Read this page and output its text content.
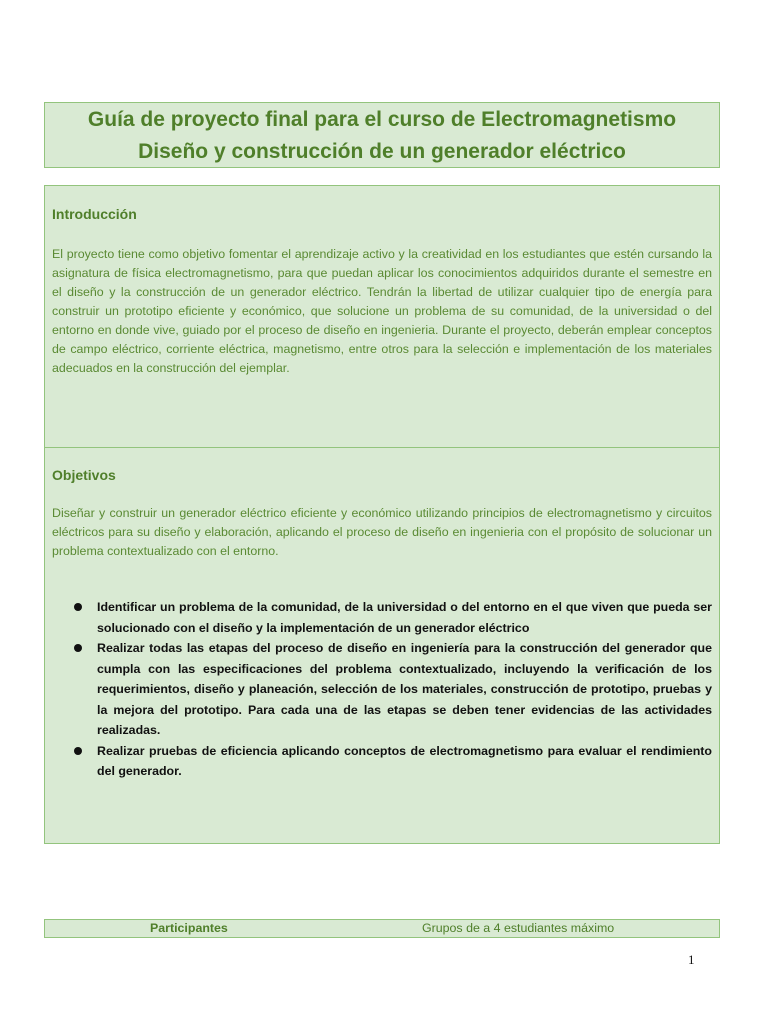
Guía de proyecto final para el curso de Electromagnetismo
Diseño y construcción de un generador eléctrico
Introducción
El proyecto tiene como objetivo fomentar el aprendizaje activo y la creatividad en los estudiantes que estén cursando la asignatura de física electromagnetismo, para que puedan aplicar los conocimientos adquiridos durante el semestre en el diseño y la construcción de un generador eléctrico. Tendrán la libertad de utilizar cualquier tipo de energía para construir un prototipo eficiente y económico, que solucione un problema de su comunidad, de la universidad o del entorno en donde vive, guiado por el proceso de diseño en ingenieria. Durante el proyecto, deberán emplear conceptos de campo eléctrico, corriente eléctrica, magnetismo, entre otros para la selección e implementación de los materiales adecuados en la construcción del ejemplar.
Objetivos
Diseñar y construir un generador eléctrico eficiente y económico utilizando principios de electromagnetismo y circuitos eléctricos para su diseño y elaboración, aplicando el proceso de diseño en ingenieria con el propósito de solucionar un problema contextualizado con el entorno.
Identificar un problema de la comunidad, de la universidad o del entorno en el que viven que pueda ser solucionado con el diseño y la implementación de un generador eléctrico
Realizar todas las etapas del proceso de diseño en ingeniería para la construcción del generador que cumpla con las especificaciones del problema contextualizado, incluyendo la verificación de los requerimientos, diseño y planeación, selección de los materiales, construcción de prototipo, pruebas y la mejora del prototipo. Para cada una de las etapas se deben tener evidencias de las actividades realizadas.
Realizar pruebas de eficiencia aplicando conceptos de electromagnetismo para evaluar el rendimiento del generador.
Participantes	Grupos de a 4 estudiantes máximo
1
